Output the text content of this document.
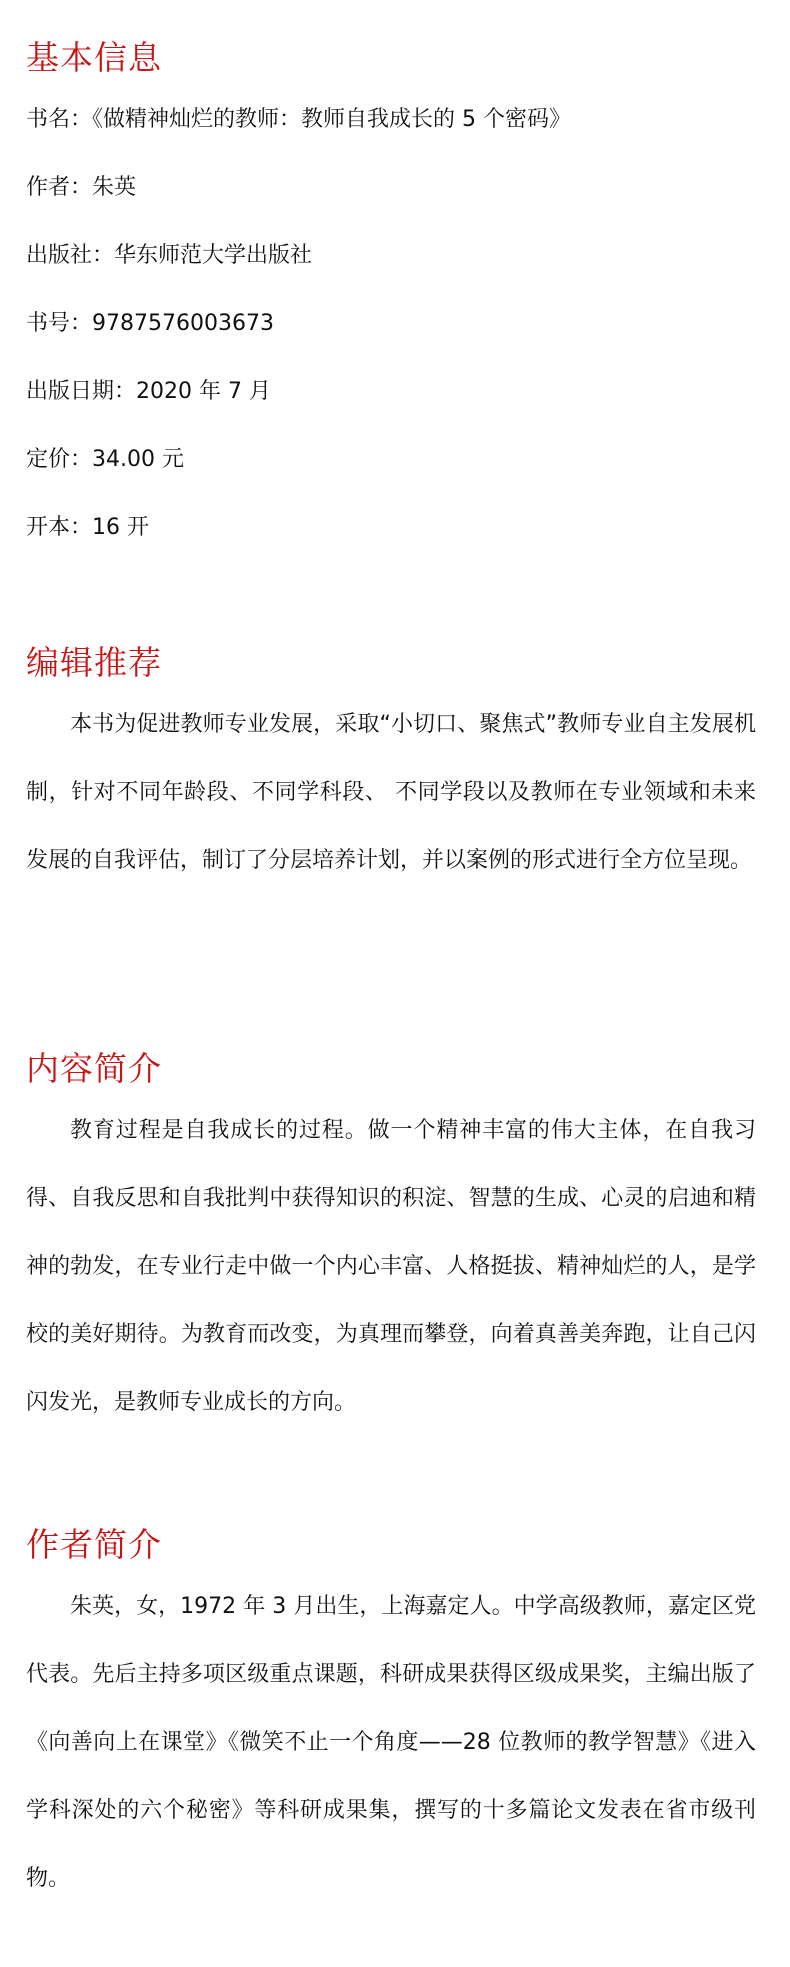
基本信息

书名：《做精神灿烂的教师：教师自我成长的 5 个密码》

作者：朱英

出版社：华东师范大学出版社

书号：9787576003673

出版日期：2020 年 7 月

定价：34.00 元

开本：16 开

编辑推荐

本书为促进教师专业发展，采取“小切口、聚焦式”教师专业自主发展机制，针对不同年龄段、不同学科段、 不同学段以及教师在专业领域和未来发展的自我评估，制订了分层培养计划，并以案例的形式进行全方位呈现。

内容简介

教育过程是自我成长的过程。做一个精神丰富的伟大主体，在自我习得、自我反思和自我批判中获得知识的积淀、智慧的生成、心灵的启迪和精神的勃发，在专业行走中做一个内心丰富、人格挺拔、精神灿烂的人，是学校的美好期待。为教育而改变，为真理而攀登，向着真善美奔跑，让自己闪闪发光，是教师专业成长的方向。

作者简介

朱英，女，1972 年 3 月出生，上海嘉定人。中学高级教师，嘉定区党代表。先后主持多项区级重点课题，科研成果获得区级成果奖，主编出版了《向善向上在课堂》《微笑不止一个角度——28 位教师的教学智慧》《进入学科深处的六个秘密》等科研成果集，撰写的十多篇论文发表在省市级刊物。
